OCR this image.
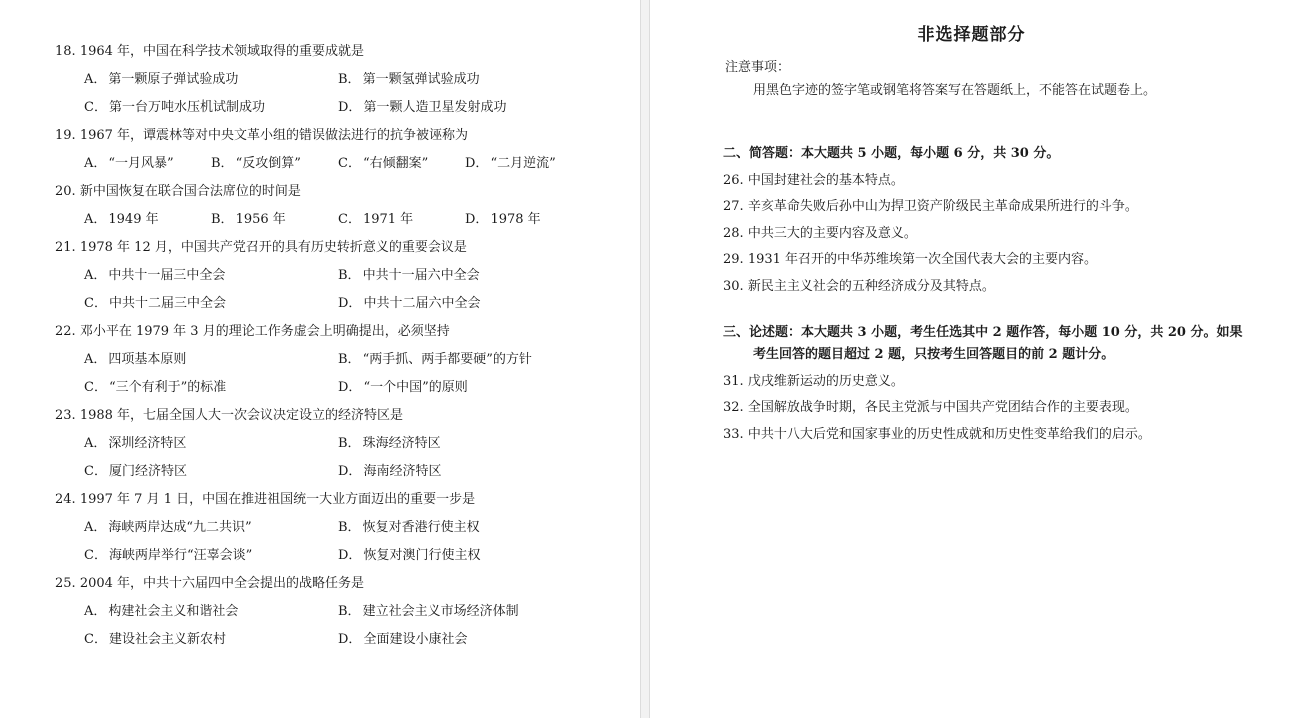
18. 1964 年，中国在科学技术领域取得的重要成就是
A． 第一颗原子弹试验成功	B． 第一颗氢弹试验成功
C． 第一台万吨水压机试制成功	D． 第一颗人造卫星发射成功
19. 1967 年，谭震林等对中央文革小组的错误做法进行的抗争被诬称为
A． “一月风暴”	B． “反攻倒算”	C． “右倾翻案”	D． “二月逆流”
20. 新中国恢复在联合国合法席位的时间是
A． 1949 年	B． 1956 年	C． 1971 年	D． 1978 年
21. 1978 年 12 月，中国共产党召开的具有历史转折意义的重要会议是
A． 中共十一届三中全会	B． 中共十一届六中全会
C． 中共十二届三中全会	D． 中共十二届六中全会
22. 邓小平在 1979 年 3 月的理论工作务虚会上明确提出，必须坚持
A． 四项基本原则	B． “两手抓、两手都要硬”的方针
C． “三个有利于”的标准	D． “一个中国”的原则
23. 1988 年，七届全国人大一次会议决定设立的经济特区是
A． 深圳经济特区	B． 珠海经济特区
C． 厦门经济特区	D． 海南经济特区
24. 1997 年 7 月 1 日，中国在推进祖国统一大业方面迈出的重要一步是
A． 海峡两岸达成“九二共识”	B． 恢复对香港行使主权
C． 海峡两岸举行“汪辜会谈”	D． 恢复对澳门行使主权
25. 2004 年，中共十六届四中全会提出的战略任务是
A． 构建社会主义和谐社会	B． 建立社会主义市场经济体制
C． 建设社会主义新农村	D． 全面建设小康社会
非选择题部分
注意事项：
用黑色字迹的签字笔或钢笔将答案写在答题纸上，不能答在试题卷上。
二、简答题：本大题共 5 小题，每小题 6 分，共 30 分。
26. 中国封建社会的基本特点。
27. 辛亥革命失败后孙中山为捍卫资产阶级民主革命成果所进行的斗争。
28. 中共三大的主要内容及意义。
29. 1931 年召开的中华苏维埃第一次全国代表大会的主要内容。
30. 新民主主义社会的五种经济成分及其特点。
三、论述题：本大题共 3 小题，考生任选其中 2 题作答，每小题 10 分，共 20 分。如果
考生回答的题目超过 2 题，只按考生回答题目的前 2 题计分。
31. 戊戌维新运动的历史意义。
32. 全国解放战争时期，各民主党派与中国共产党团结合作的主要表现。
33. 中共十八大后党和国家事业的历史性成就和历史性变革给我们的启示。
